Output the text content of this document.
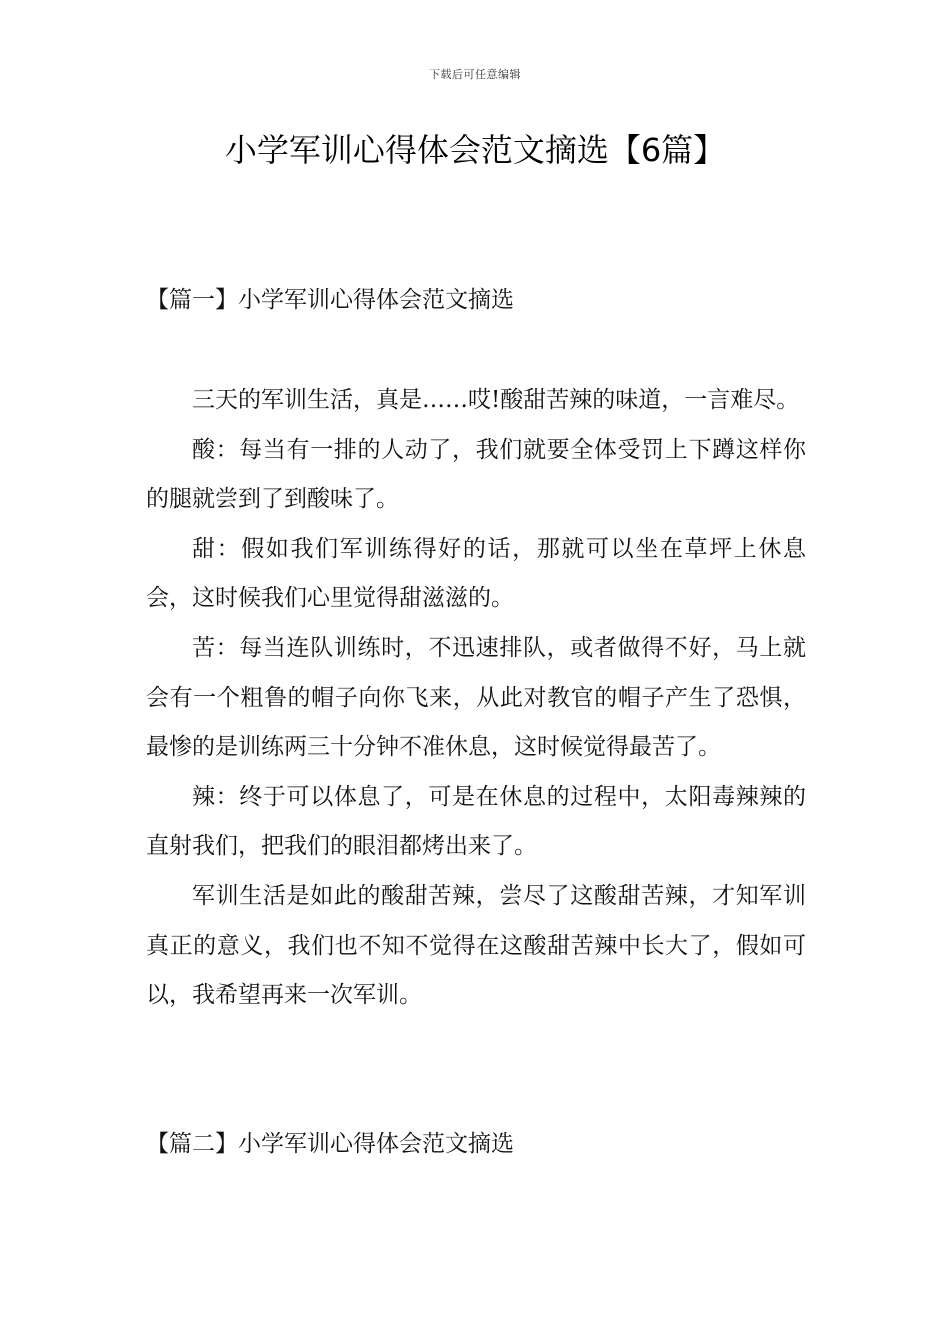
下载后可任意编辑
小学军训心得体会范文摘选【6篇】
【篇一】小学军训心得体会范文摘选

三天的军训生活，真是……哎!酸甜苦辣的味道，一言难尽。

酸：每当有一排的人动了，我们就要全体受罚上下蹲这样你的腿就尝到了到酸味了。

甜：假如我们军训练得好的话，那就可以坐在草坪上休息会，这时候我们心里觉得甜滋滋的。

苦：每当连队训练时，不迅速排队，或者做得不好，马上就会有一个粗鲁的帽子向你飞来，从此对教官的帽子产生了恐惧，最惨的是训练两三十分钟不准休息，这时候觉得最苦了。

辣：终于可以体息了，可是在休息的过程中，太阳毒辣辣的直射我们，把我们的眼泪都烤出来了。

军训生活是如此的酸甜苦辣，尝尽了这酸甜苦辣，才知军训真正的意义，我们也不知不觉得在这酸甜苦辣中长大了，假如可以，我希望再来一次军训。

【篇二】小学军训心得体会范文摘选
